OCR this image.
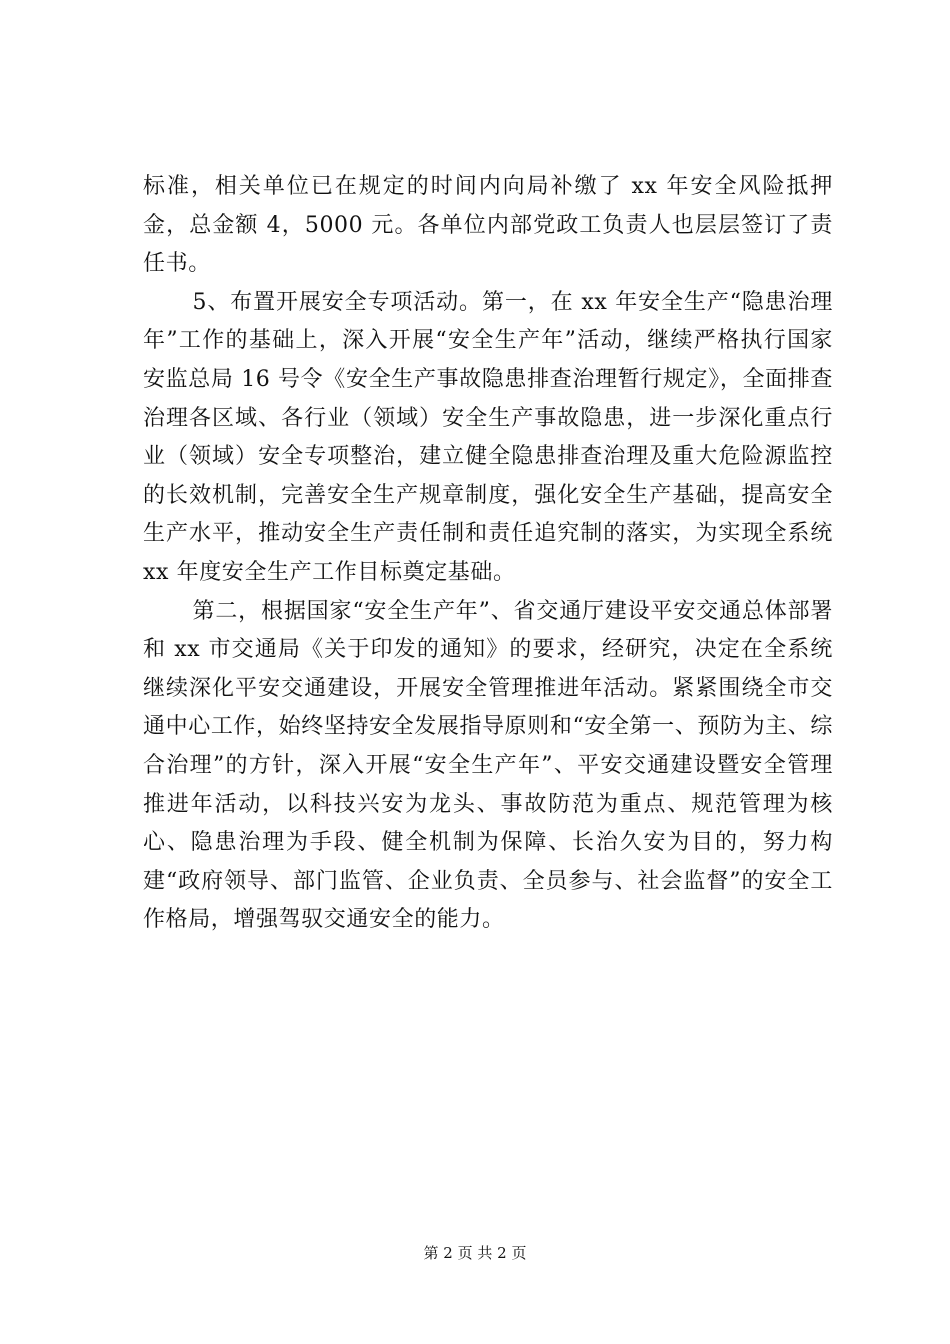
标准，相关单位已在规定的时间内向局补缴了 xx 年安全风险抵押金，总金额 4，5000 元。各单位内部党政工负责人也层层签订了责任书。

5、布置开展安全专项活动。第一，在 xx 年安全生产“隐患治理年”工作的基础上，深入开展“安全生产年”活动，继续严格执行国家安监总局 16 号令《安全生产事故隐患排查治理暂行规定》，全面排查治理各区域、各行业（领域）安全生产事故隐患，进一步深化重点行业（领域）安全专项整治，建立健全隐患排查治理及重大危险源监控的长效机制，完善安全生产规章制度，强化安全生产基础，提高安全生产水平，推动安全生产责任制和责任追究制的落实，为实现全系统 xx 年度安全生产工作目标奠定基础。

第二，根据国家“安全生产年”、省交通厅建设平安交通总体部署和 xx 市交通局《关于印发的通知》的要求，经研究，决定在全系统继续深化平安交通建设，开展安全管理推进年活动。紧紧围绕全市交通中心工作，始终坚持安全发展指导原则和“安全第一、预防为主、综合治理”的方针，深入开展“安全生产年”、平安交通建设暨安全管理推进年活动，以科技兴安为龙头、事故防范为重点、规范管理为核心、隐患治理为手段、健全机制为保障、长治久安为目的，努力构建“政府领导、部门监管、企业负责、全员参与、社会监督”的安全工作格局，增强驾驭交通安全的能力。

第 2 页 共 2 页
